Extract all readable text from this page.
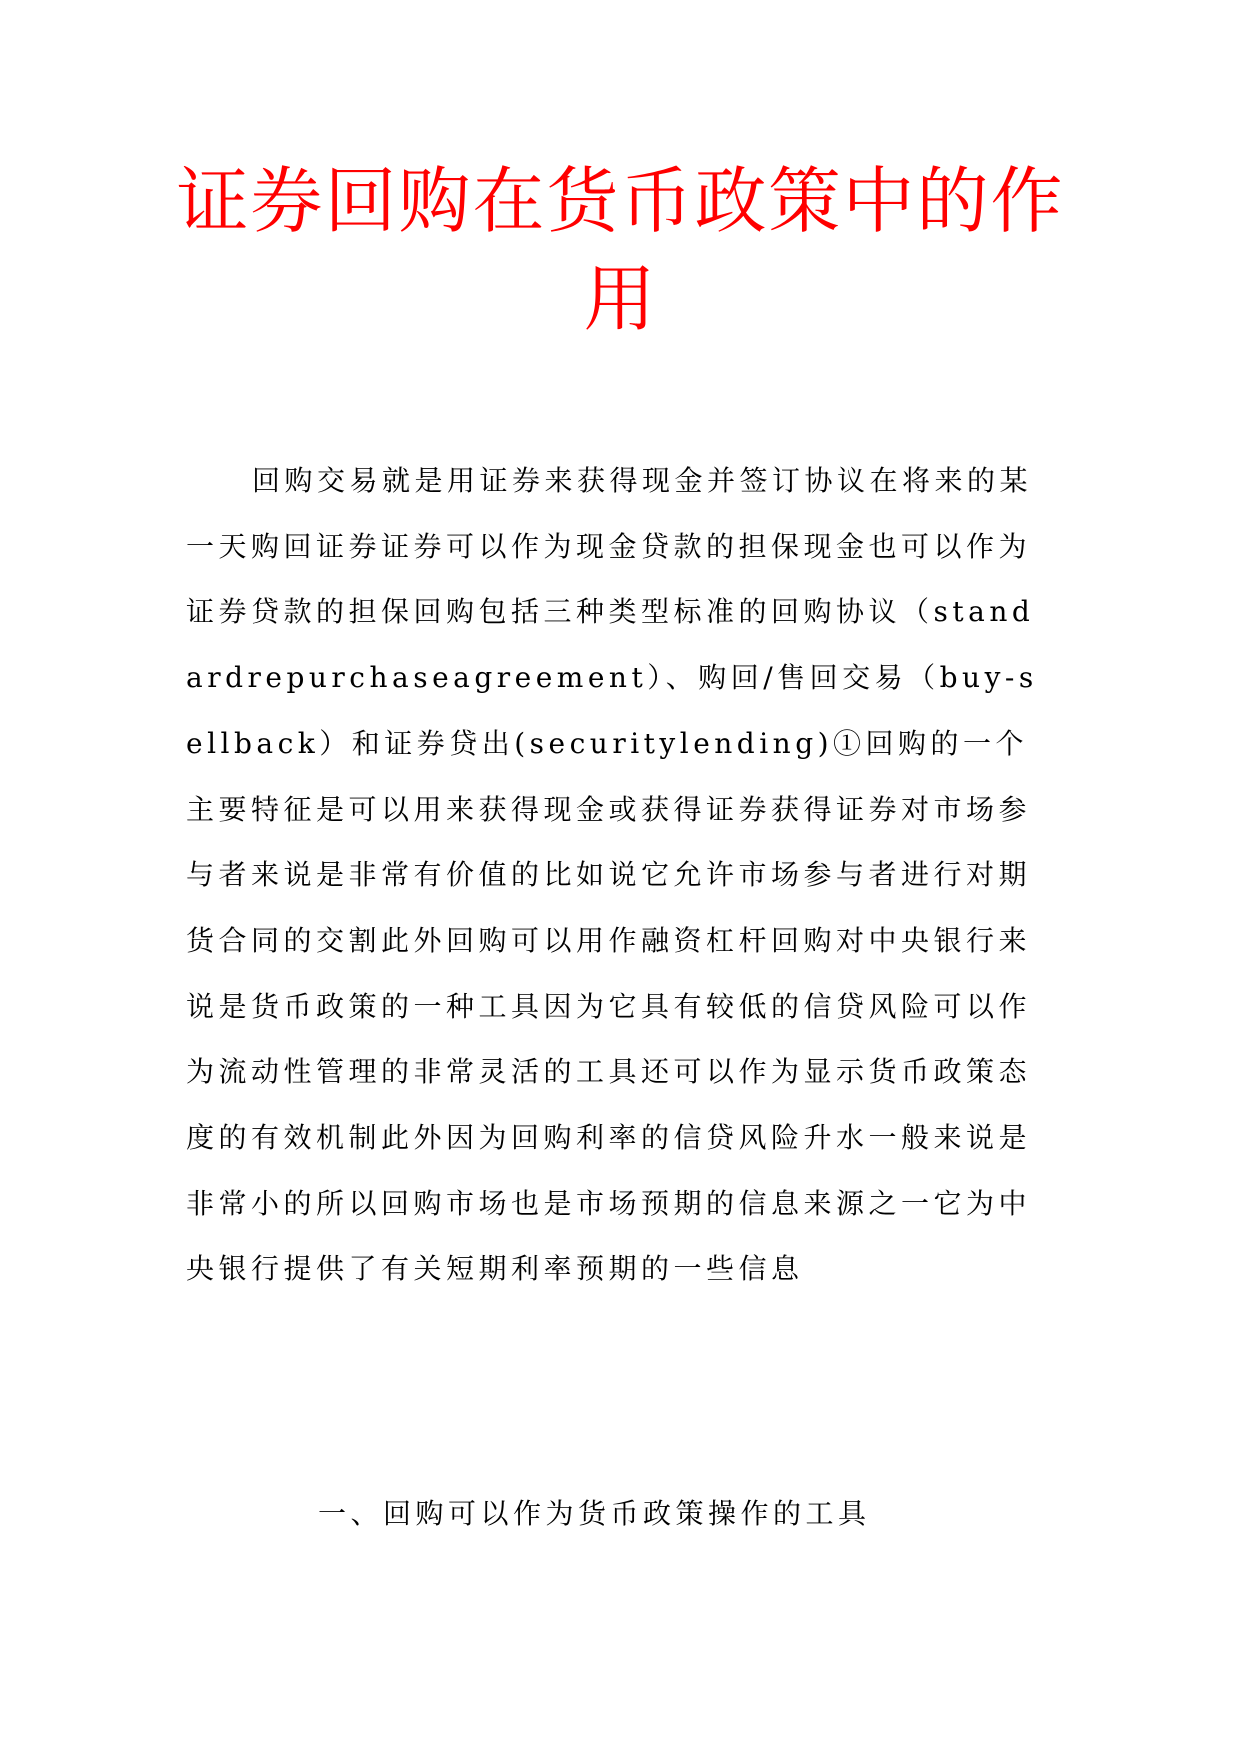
证券回购在货币政策中的作用

回购交易就是用证券来获得现金并签订协议在将来的某一天购回证券证券可以作为现金贷款的担保现金也可以作为证券贷款的担保回购包括三种类型标准的回购协议（standardrepurchaseagreement）、购回/售回交易（buy-sellback）和证券贷出(securitylending)①回购的一个主要特征是可以用来获得现金或获得证券获得证券对市场参与者来说是非常有价值的比如说它允许市场参与者进行对期货合同的交割此外回购可以用作融资杠杆回购对中央银行来说是货币政策的一种工具因为它具有较低的信贷风险可以作为流动性管理的非常灵活的工具还可以作为显示货币政策态度的有效机制此外因为回购利率的信贷风险升水一般来说是非常小的所以回购市场也是市场预期的信息来源之一它为中央银行提供了有关短期利率预期的一些信息

一、回购可以作为货币政策操作的工具
